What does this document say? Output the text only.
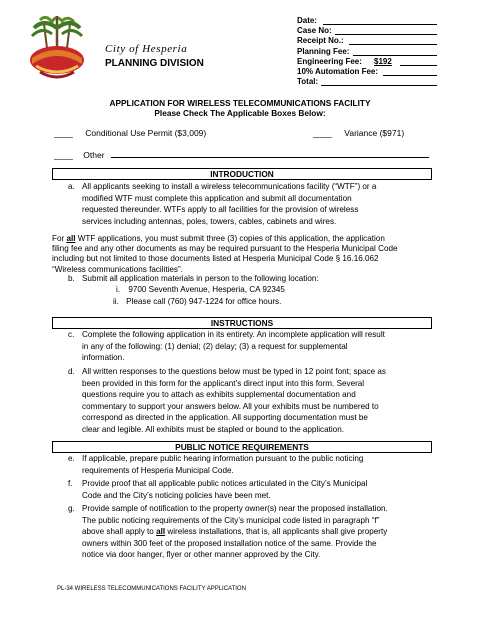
City of Hesperia
PLANNING DIVISION
Date:
Case No:
Receipt No.:
Planning Fee:
Engineering Fee: $192
10% Automation Fee:
Total:
APPLICATION FOR WIRELESS TELECOMMUNICATIONS FACILITY
Please Check The Applicable Boxes Below:
____ Conditional Use Permit ($3,009)	____ Variance ($971)
____ Other
INTRODUCTION
a. All applicants seeking to install a wireless telecommunications facility (“WTF”) or a
modified WTF must complete this application and submit all documentation
requested thereunder. WTFs apply to all facilities for the provision of wireless
services including antennas, poles, towers, cables, cabinets and wires.
For all WTF applications, you must submit three (3) copies of this application, the application
filing fee and any other documents as may be required pursuant to the Hesperia Municipal Code
including but not limited to those documents listed at Hesperia Municipal Code § 16.16.062
“Wireless communications facilities”.
b. Submit all application materials in person to the following location:
i. 9700 Seventh Avenue, Hesperia, CA 92345
ii. Please call (760) 947-1224 for office hours.
INSTRUCTIONS
c. Complete the following application in its entirety. An incomplete application will result
in any of the following: (1) denial; (2) delay; (3) a request for supplemental
information.
d. All written responses to the questions below must be typed in 12 point font; space as
been provided in this form for the applicant’s direct input into this form. Several
questions require you to attach as exhibits supplemental documentation and
commentary to support your answers below. All your exhibits must be numbered to
correspond as directed in the application. All supporting documentation must be
clear and legible. All exhibits must be stapled or bound to the application.
PUBLIC NOTICE REQUIREMENTS
e. If applicable, prepare public hearing information pursuant to the public noticing
requirements of Hesperia Municipal Code.
f. Provide proof that all applicable public notices articulated in the City’s Municipal
Code and the City’s noticing policies have been met.
g. Provide sample of notification to the property owner(s) near the proposed installation.
The public noticing requirements of the City’s municipal code listed in paragraph “f”
above shall apply to all wireless installations, that is, all applicants shall give property
owners within 300 feet of the proposed installation notice of the same. Provide the
notice via door hanger, flyer or other manner approved by the City.
PL-34 WIRELESS TELECOMMUNICATIONS FACILITY APPLICATION
